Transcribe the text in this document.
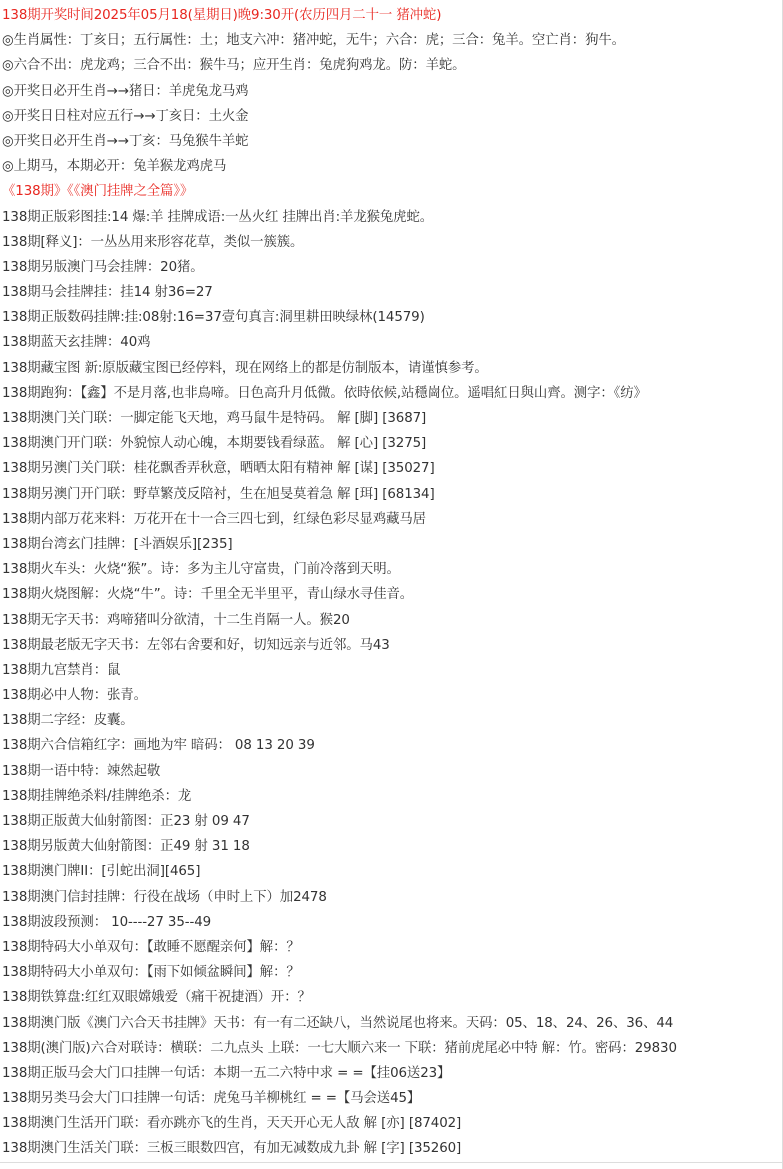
138期开奖时间2025年05月18(星期日)晚9:30开(农历四月二十一 猪冲蛇)
◎生肖属性：丁亥日；五行属性：土；地支六冲：猪冲蛇，无牛；六合：虎；三合：兔羊。空亡肖：狗牛。
◎六合不出：虎龙鸡；三合不出：猴牛马；应开生肖：兔虎狗鸡龙。防：羊蛇。
◎开奖日必开生肖→→猪日：羊虎兔龙马鸡
◎开奖日日柱对应五行→→丁亥日：土火金
◎开奖日必开生肖→→丁亥：马兔猴牛羊蛇
◎上期马，本期必开：兔羊猴龙鸡虎马
《138期》《《澳门挂牌之全篇》》
138期正版彩图挂:14 爆:羊 挂牌成语:一丛火红 挂牌出肖:羊龙猴兔虎蛇。
138期[释义]：一丛丛用来形容花草，类似一簇簇。
138期另版澳门马会挂牌：20猪。
138期马会挂牌挂：挂14 射36=27
138期正版数码挂牌:挂:08射:16=37壹句真言:洞里耕田映绿林(14579)
138期蓝天玄挂牌：40鸡
138期藏宝图 新:原版藏宝图已经停料，现在网络上的都是仿制版本，请谨慎参考。
138期跑狗：【鑫】不是月落,也非鳥啼。日色高升月低微。依時依候,站穩崗位。遥唱紅日與山齊。测字：《纺》
138期澳门关门联：一脚定能飞天地，鸡马鼠牛是特码。 解 [脚] [3687]
138期澳门开门联：外貌惊人动心魄，本期要钱看绿蓝。 解 [心] [3275]
138期另澳门关门联：桂花飘香弄秋意，晒晒太阳有精神 解 [谋] [35027]
138期另澳门开门联：野草繁茂反陪衬，生在旭旻莫着急 解 [珥] [68134]
138期内部万花来料：万花开在十一合三四七到，红绿色彩尽显鸡藏马居
138期台湾玄门挂牌：[斗酒娱乐][235]
138期火车头：火烧“猴”。诗：多为主儿守富贵，门前冷落到天明。
138期火烧图解：火烧“牛”。诗：千里全无半里平，青山绿水寻佳音。
138期无字天书：鸡啼猪叫分欲清，十二生肖隔一人。猴20
138期最老版无字天书：左邻右舍要和好，切知远亲与近邻。马43
138期九宫禁肖：鼠
138期必中人物：张青。
138期二字经：皮囊。
138期六合信箱红字：画地为牢 暗码： 08 13 20 39
138期一语中特：竦然起敬
138期挂牌绝杀料/挂牌绝杀：龙
138期正版黄大仙射箭图：正23 射 09 47
138期另版黄大仙射箭图：正49 射 31 18
138期澳门牌II：[引蛇出洞][465]
138期澳门信封挂牌：行役在战场（申时上下）加2478
138期波段预测： 10----27 35--49
138期特码大小单双句：【敢睡不愿醒亲何】解：？
138期特码大小单双句：【雨下如倾盆瞬间】解：？
138期铁算盘:红红双眼嫦娥爱（痛干祝捷酒）开：？
138期澳门版《澳门六合天书挂牌》天书：有一有二还缺八，当然说尾也将来。天码：05、18、24、26、36、44
138期(澳门版)六合对联诗：横联：二九点头 上联：一七大顺六来一 下联：猪前虎尾必中特 解：竹。密码：29830
138期正版马会大门口挂牌一句话：本期一五二六特中求 = =【挂06送23】
138期另类马会大门口挂牌一句话：虎兔马羊柳桃红 = =【马会送45】
138期澳门生活开门联：看亦跳亦飞的生肖，天天开心无人敌 解 [亦] [87402]
138期澳门生活关门联：三板三眼数四宫，有加无减数成九卦 解 [字] [35260]
